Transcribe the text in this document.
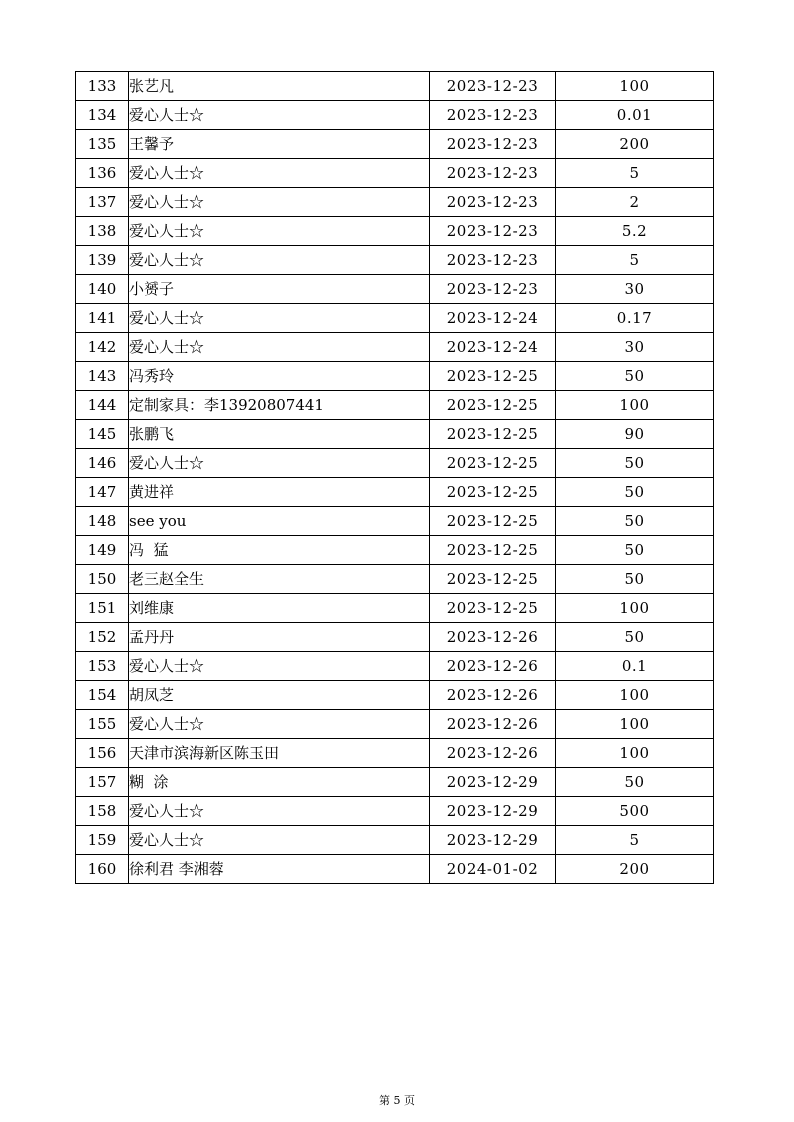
133	张艺凡	2023-12-23	100
134	爱心人士☆	2023-12-23	0.01
135	王馨予	2023-12-23	200
136	爱心人士☆	2023-12-23	5
137	爱心人士☆	2023-12-23	2
138	爱心人士☆	2023-12-23	5.2
139	爱心人士☆	2023-12-23	5
140	小赟子	2023-12-23	30
141	爱心人士☆	2023-12-24	0.17
142	爱心人士☆	2023-12-24	30
143	冯秀玲	2023-12-25	50
144	定制家具：李13920807441	2023-12-25	100
145	张鹏飞	2023-12-25	90
146	爱心人士☆	2023-12-25	50
147	黄进祥	2023-12-25	50
148	see you	2023-12-25	50
149	冯  猛	2023-12-25	50
150	老三赵全生	2023-12-25	50
151	刘维康	2023-12-25	100
152	孟丹丹	2023-12-26	50
153	爱心人士☆	2023-12-26	0.1
154	胡凤芝	2023-12-26	100
155	爱心人士☆	2023-12-26	100
156	天津市滨海新区陈玉田	2023-12-26	100
157	糊  涂	2023-12-29	50
158	爱心人士☆	2023-12-29	500
159	爱心人士☆	2023-12-29	5
160	徐利君 李湘蓉	2024-01-02	200
第 5 页
